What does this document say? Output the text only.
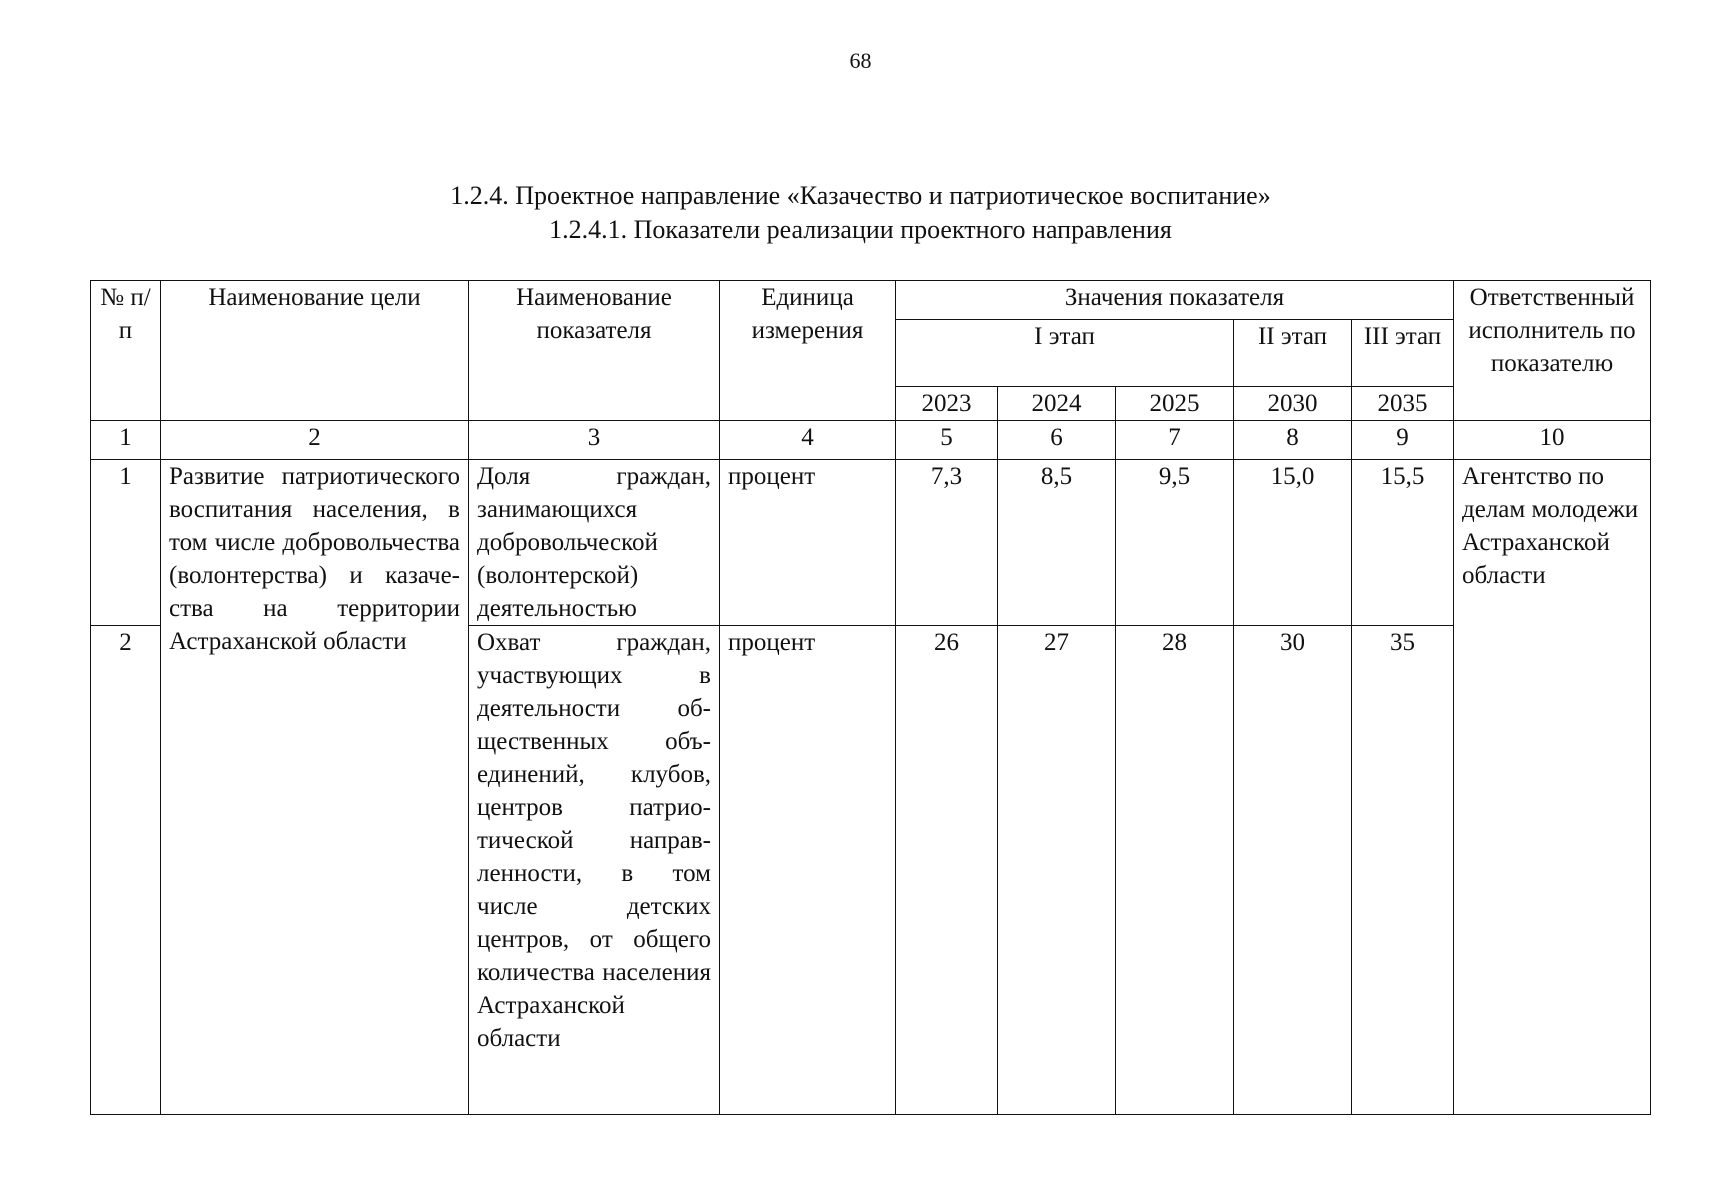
68
1.2.4. Проектное направление «Казачество и патриотическое воспитание»
1.2.4.1. Показатели реализации проектного направления
№ п/п	Наименование цели	Наименование показателя	Единица измерения	Значения показателя					Ответственный исполнитель по показателю
				I этап			II этап	III этап	
				2023	2024	2025	2030	2035	
1	2	3	4	5	6	7	8	9	10
1	Развитие патриотического воспитания населения, в том числе добровольчества (волонтерства) и казачества на территории Астраханской области	Доля граждан, занимающихся добровольческой (волонтерской) деятельностью	процент	7,3	8,5	9,5	15,0	15,5	Агентство по делам молодежи Астраханской области
2		Охват граждан, участвующих в деятельности общественных объединений, клубов, центров патриотической направленности, в том числе детских центров, от общего количества населения Астраханской области	процент	26	27	28	30	35	
